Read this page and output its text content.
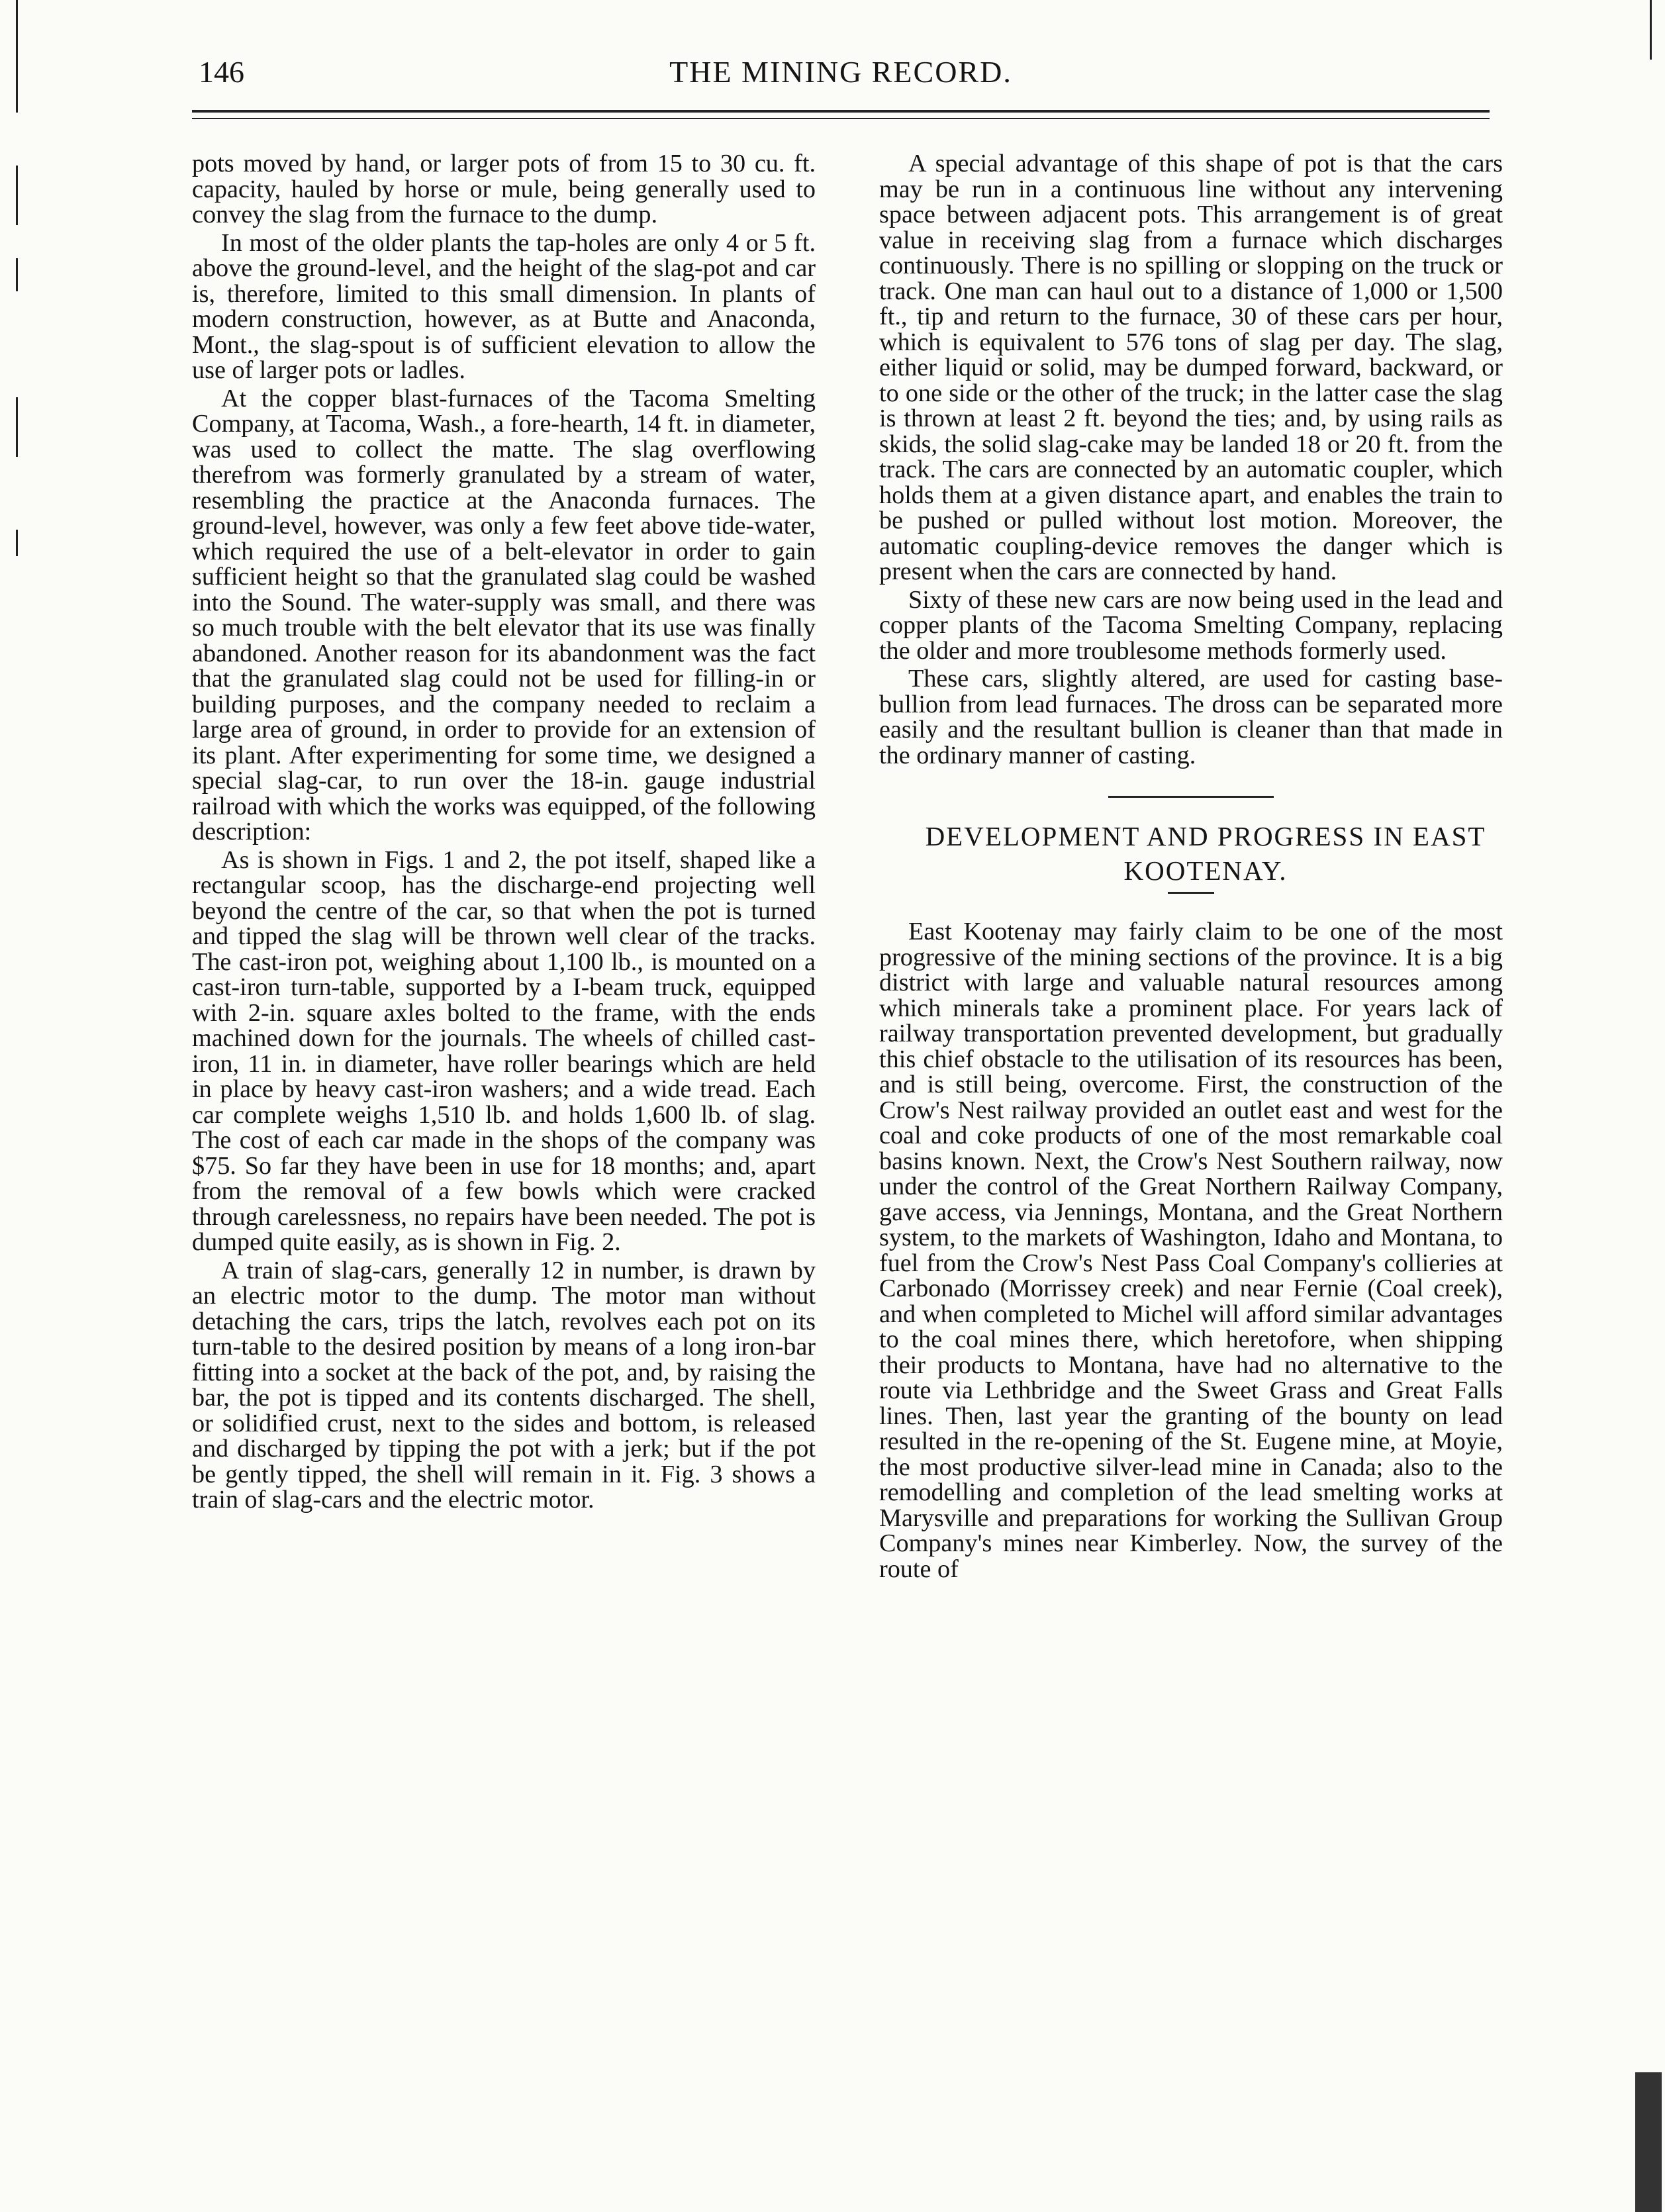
146	THE MINING RECORD.

pots moved by hand, or larger pots of from 15 to 30 cu. ft. capacity, hauled by horse or mule, being generally used to convey the slag from the furnace to the dump.

In most of the older plants the tap-holes are only 4 or 5 ft. above the ground-level, and the height of the slag-pot and car is, therefore, limited to this small dimension. In plants of modern construction, however, as at Butte and Anaconda, Mont., the slag-spout is of sufficient elevation to allow the use of larger pots or ladles.

At the copper blast-furnaces of the Tacoma Smelting Company, at Tacoma, Wash., a fore-hearth, 14 ft. in diameter, was used to collect the matte. The slag overflowing therefrom was formerly granulated by a stream of water, resembling the practice at the Anaconda furnaces. The ground-level, however, was only a few feet above tide-water, which required the use of a belt-elevator in order to gain sufficient height so that the granulated slag could be washed into the Sound. The water-supply was small, and there was so much trouble with the belt elevator that its use was finally abandoned. Another reason for its abandonment was the fact that the granulated slag could not be used for filling-in or building purposes, and the company needed to reclaim a large area of ground, in order to provide for an extension of its plant. After experimenting for some time, we designed a special slag-car, to run over the 18-in. gauge industrial railroad with which the works was equipped, of the following description:

As is shown in Figs. 1 and 2, the pot itself, shaped like a rectangular scoop, has the discharge-end projecting well beyond the centre of the car, so that when the pot is turned and tipped the slag will be thrown well clear of the tracks. The cast-iron pot, weighing about 1,100 lb., is mounted on a cast-iron turn-table, supported by a I-beam truck, equipped with 2-in. square axles bolted to the frame, with the ends machined down for the journals. The wheels of chilled cast-iron, 11 in. in diameter, have roller bearings which are held in place by heavy cast-iron washers; and a wide tread. Each car complete weighs 1,510 lb. and holds 1,600 lb. of slag. The cost of each car made in the shops of the company was $75. So far they have been in use for 18 months; and, apart from the removal of a few bowls which were cracked through carelessness, no repairs have been needed. The pot is dumped quite easily, as is shown in Fig. 2.

A train of slag-cars, generally 12 in number, is drawn by an electric motor to the dump. The motor man without detaching the cars, trips the latch, revolves each pot on its turn-table to the desired position by means of a long iron-bar fitting into a socket at the back of the pot, and, by raising the bar, the pot is tipped and its contents discharged. The shell, or solidified crust, next to the sides and bottom, is released and discharged by tipping the pot with a jerk; but if the pot be gently tipped, the shell will remain in it. Fig. 3 shows a train of slag-cars and the electric motor.

A special advantage of this shape of pot is that the cars may be run in a continuous line without any intervening space between adjacent pots. This arrangement is of great value in receiving slag from a furnace which discharges continuously. There is no spilling or slopping on the truck or track. One man can haul out to a distance of 1,000 or 1,500 ft., tip and return to the furnace, 30 of these cars per hour, which is equivalent to 576 tons of slag per day. The slag, either liquid or solid, may be dumped forward, backward, or to one side or the other of the truck; in the latter case the slag is thrown at least 2 ft. beyond the ties; and, by using rails as skids, the solid slag-cake may be landed 18 or 20 ft. from the track. The cars are connected by an automatic coupler, which holds them at a given distance apart, and enables the train to be pushed or pulled without lost motion. Moreover, the automatic coupling-device removes the danger which is present when the cars are connected by hand.

Sixty of these new cars are now being used in the lead and copper plants of the Tacoma Smelting Company, replacing the older and more troublesome methods formerly used.

These cars, slightly altered, are used for casting base-bullion from lead furnaces. The dross can be separated more easily and the resultant bullion is cleaner than that made in the ordinary manner of casting.

DEVELOPMENT AND PROGRESS IN EAST

KOOTENAY.

East Kootenay may fairly claim to be one of the most progressive of the mining sections of the province. It is a big district with large and valuable natural resources among which minerals take a prominent place. For years lack of railway transportation prevented development, but gradually this chief obstacle to the utilisation of its resources has been, and is still being, overcome. First, the construction of the Crow's Nest railway provided an outlet east and west for the coal and coke products of one of the most remarkable coal basins known. Next, the Crow's Nest Southern railway, now under the control of the Great Northern Railway Company, gave access, via Jennings, Montana, and the Great Northern system, to the markets of Washington, Idaho and Montana, to fuel from the Crow's Nest Pass Coal Company's collieries at Carbonado (Morrissey creek) and near Fernie (Coal creek), and when completed to Michel will afford similar advantages to the coal mines there, which heretofore, when shipping their products to Montana, have had no alternative to the route via Lethbridge and the Sweet Grass and Great Falls lines. Then, last year the granting of the bounty on lead resulted in the re-opening of the St. Eugene mine, at Moyie, the most productive silver-lead mine in Canada; also to the remodelling and completion of the lead smelting works at Marysville and preparations for working the Sullivan Group Company's mines near Kimberley. Now, the survey of the route of
